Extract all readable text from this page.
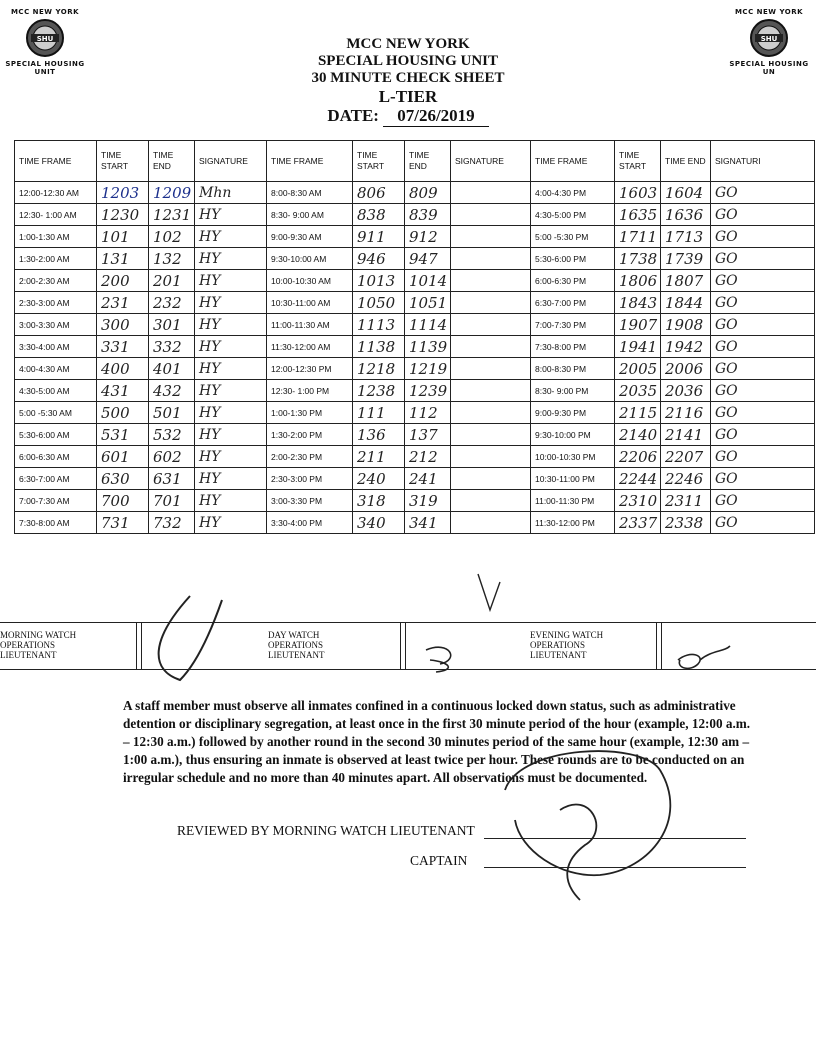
MCC NEW YORK
SHU
SPECIAL HOUSING UNIT
MCC NEW YORK
SHU
SPECIAL HOUSING UN
MCC NEW YORK
SPECIAL HOUSING UNIT
30 MINUTE CHECK SHEET
L-TIER
DATE: 07/26/2019
TIME FRAME	TIME START	TIME END	SIGNATURE	TIME FRAME	TIME START	TIME END	SIGNATURE	TIME FRAME	TIME START	TIME END	SIGNATURI
12:00-12:30 AM	1203	1209	Mhn	8:00-8:30 AM	806	809		4:00-4:30 PM	1603	1604	GO
12:30- 1:00 AM	1230	1231	HY	8:30- 9:00 AM	838	839		4:30-5:00 PM	1635	1636	GO
1:00-1:30 AM	101	102	HY	9:00-9:30 AM	911	912		5:00 -5:30 PM	1711	1713	GO
1:30-2:00 AM	131	132	HY	9:30-10:00 AM	946	947		5:30-6:00 PM	1738	1739	GO
2:00-2:30 AM	200	201	HY	10:00-10:30 AM	1013	1014		6:00-6:30 PM	1806	1807	GO
2:30-3:00 AM	231	232	HY	10:30-11:00 AM	1050	1051		6:30-7:00 PM	1843	1844	GO
3:00-3:30 AM	300	301	HY	11:00-11:30 AM	1113	1114		7:00-7:30 PM	1907	1908	GO
3:30-4:00 AM	331	332	HY	11:30-12:00 AM	1138	1139		7:30-8:00 PM	1941	1942	GO
4:00-4:30 AM	400	401	HY	12:00-12:30 PM	1218	1219		8:00-8:30 PM	2005	2006	GO
4:30-5:00 AM	431	432	HY	12:30- 1:00 PM	1238	1239		8:30- 9:00 PM	2035	2036	GO
5:00 -5:30 AM	500	501	HY	1:00-1:30 PM	111	112		9:00-9:30 PM	2115	2116	GO
5:30-6:00 AM	531	532	HY	1:30-2:00 PM	136	137		9:30-10:00 PM	2140	2141	GO
6:00-6:30 AM	601	602	HY	2:00-2:30 PM	211	212		10:00-10:30 PM	2206	2207	GO
6:30-7:00 AM	630	631	HY	2:30-3:00 PM	240	241		10:30-11:00 PM	2244	2246	GO
7:00-7:30 AM	700	701	HY	3:00-3:30 PM	318	319		11:00-11:30 PM	2310	2311	GO
7:30-8:00 AM	731	732	HY	3:30-4:00 PM	340	341		11:30-12:00 PM	2337	2338	GO
MORNING WATCH
OPERATIONS
LIEUTENANT
DAY WATCH
OPERATIONS
LIEUTENANT
EVENING WATCH
OPERATIONS
LIEUTENANT
A staff member must observe all inmates confined in a continuous locked down status, such as administrative detention or disciplinary segregation, at least once in the first 30 minute period of the hour (example, 12:00 a.m. – 12:30 a.m.) followed by another round in the second 30 minutes period of the same hour (example, 12:30 am – 1:00 a.m.), thus ensuring an inmate is observed at least twice per hour. These rounds are to be conducted on an irregular schedule and no more than 40 minutes apart. All observations must be documented.
REVIEWED BY MORNING WATCH LIEUTENANT
CAPTAIN
